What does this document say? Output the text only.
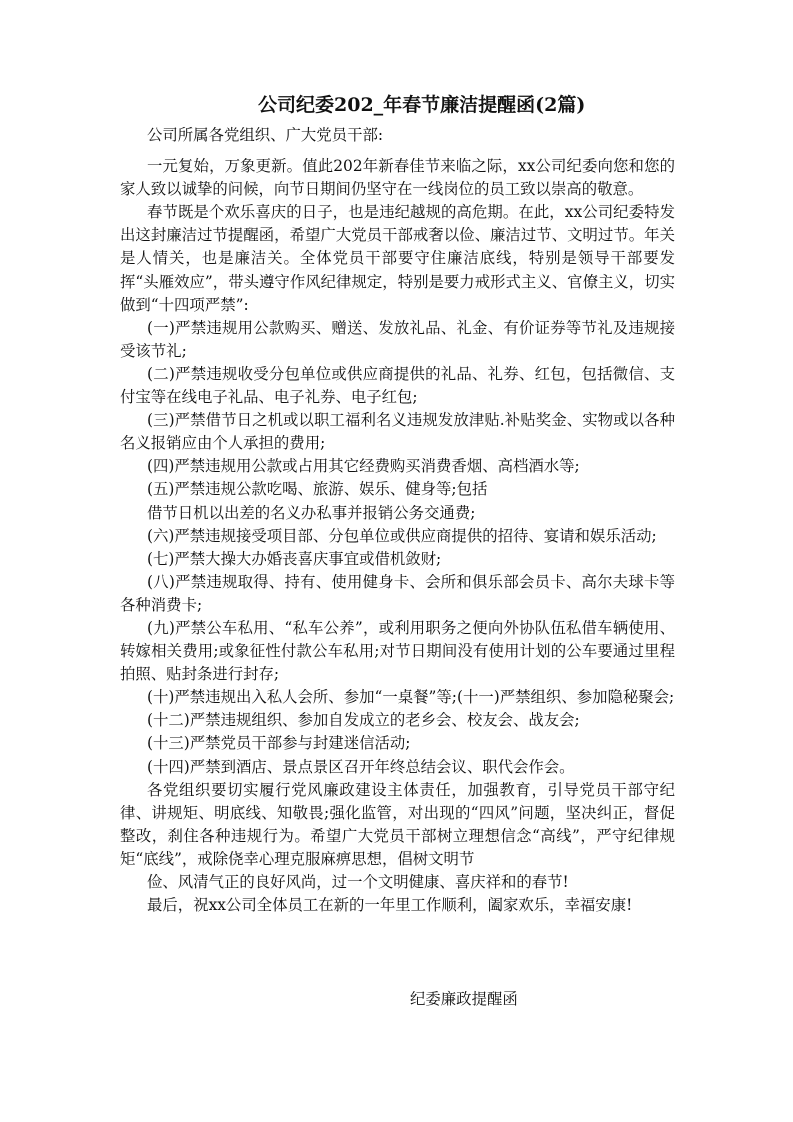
公司纪委202_年春节廉洁提醒函(2篇)

公司所属各党组织、广大党员干部:

一元复始，万象更新。值此202年新春佳节来临之际，xx公司纪委向您和您的家人致以诚挚的问候，向节日期间仍坚守在一线岗位的员工致以崇高的敬意。

春节既是个欢乐喜庆的日子，也是违纪越规的高危期。在此，xx公司纪委特发出这封廉洁过节提醒函，希望广大党员干部戒奢以俭、廉洁过节、文明过节。年关是人情关，也是廉洁关。全体党员干部要守住廉洁底线，特别是领导干部要发挥“头雁效应”，带头遵守作风纪律规定，特别是要力戒形式主义、官僚主义，切实做到“十四项严禁”:

(一)严禁违规用公款购买、赠送、发放礼品、礼金、有价证券等节礼及违规接受该节礼;

(二)严禁违规收受分包单位或供应商提供的礼品、礼券、红包，包括微信、支付宝等在线电子礼品、电子礼券、电子红包;

(三)严禁借节日之机或以职工福利名义违规发放津贴.补贴奖金、实物或以各种名义报销应由个人承担的费用;

(四)严禁违规用公款或占用其它经费购买消费香烟、高档酒水等;

(五)严禁违规公款吃喝、旅游、娱乐、健身等;包括

借节日机以出差的名义办私事并报销公务交通费;

(六)严禁违规接受项目部、分包单位或供应商提供的招待、宴请和娱乐活动;

(七)严禁大操大办婚丧喜庆事宜或借机敛财;

(八)严禁违规取得、持有、使用健身卡、会所和俱乐部会员卡、高尔夫球卡等各种消费卡;

(九)严禁公车私用、“私车公养”，或利用职务之便向外协队伍私借车辆使用、转嫁相关费用;或象征性付款公车私用;对节日期间没有使用计划的公车要通过里程拍照、贴封条进行封存;

(十)严禁违规出入私人会所、参加“一桌餐”等;(十一)严禁组织、参加隐秘聚会;

(十二)严禁违规组织、参加自发成立的老乡会、校友会、战友会;

(十三)严禁党员干部参与封建迷信活动;

(十四)严禁到酒店、景点景区召开年终总结会议、职代会作会。

各党组织要切实履行党风廉政建设主体责任，加强教育，引导党员干部守纪律、讲规矩、明底线、知敬畏;强化监管，对出现的“四风”问题，坚决纠正，督促整改，刹住各种违规行为。希望广大党员干部树立理想信念“高线”，严守纪律规矩“底线”，戒除侥幸心理克服麻痹思想，倡树文明节

俭、风清气正的良好风尚，过一个文明健康、喜庆祥和的春节!

最后，祝xx公司全体员工在新的一年里工作顺利，阖家欢乐，幸福安康!

纪委廉政提醒函
